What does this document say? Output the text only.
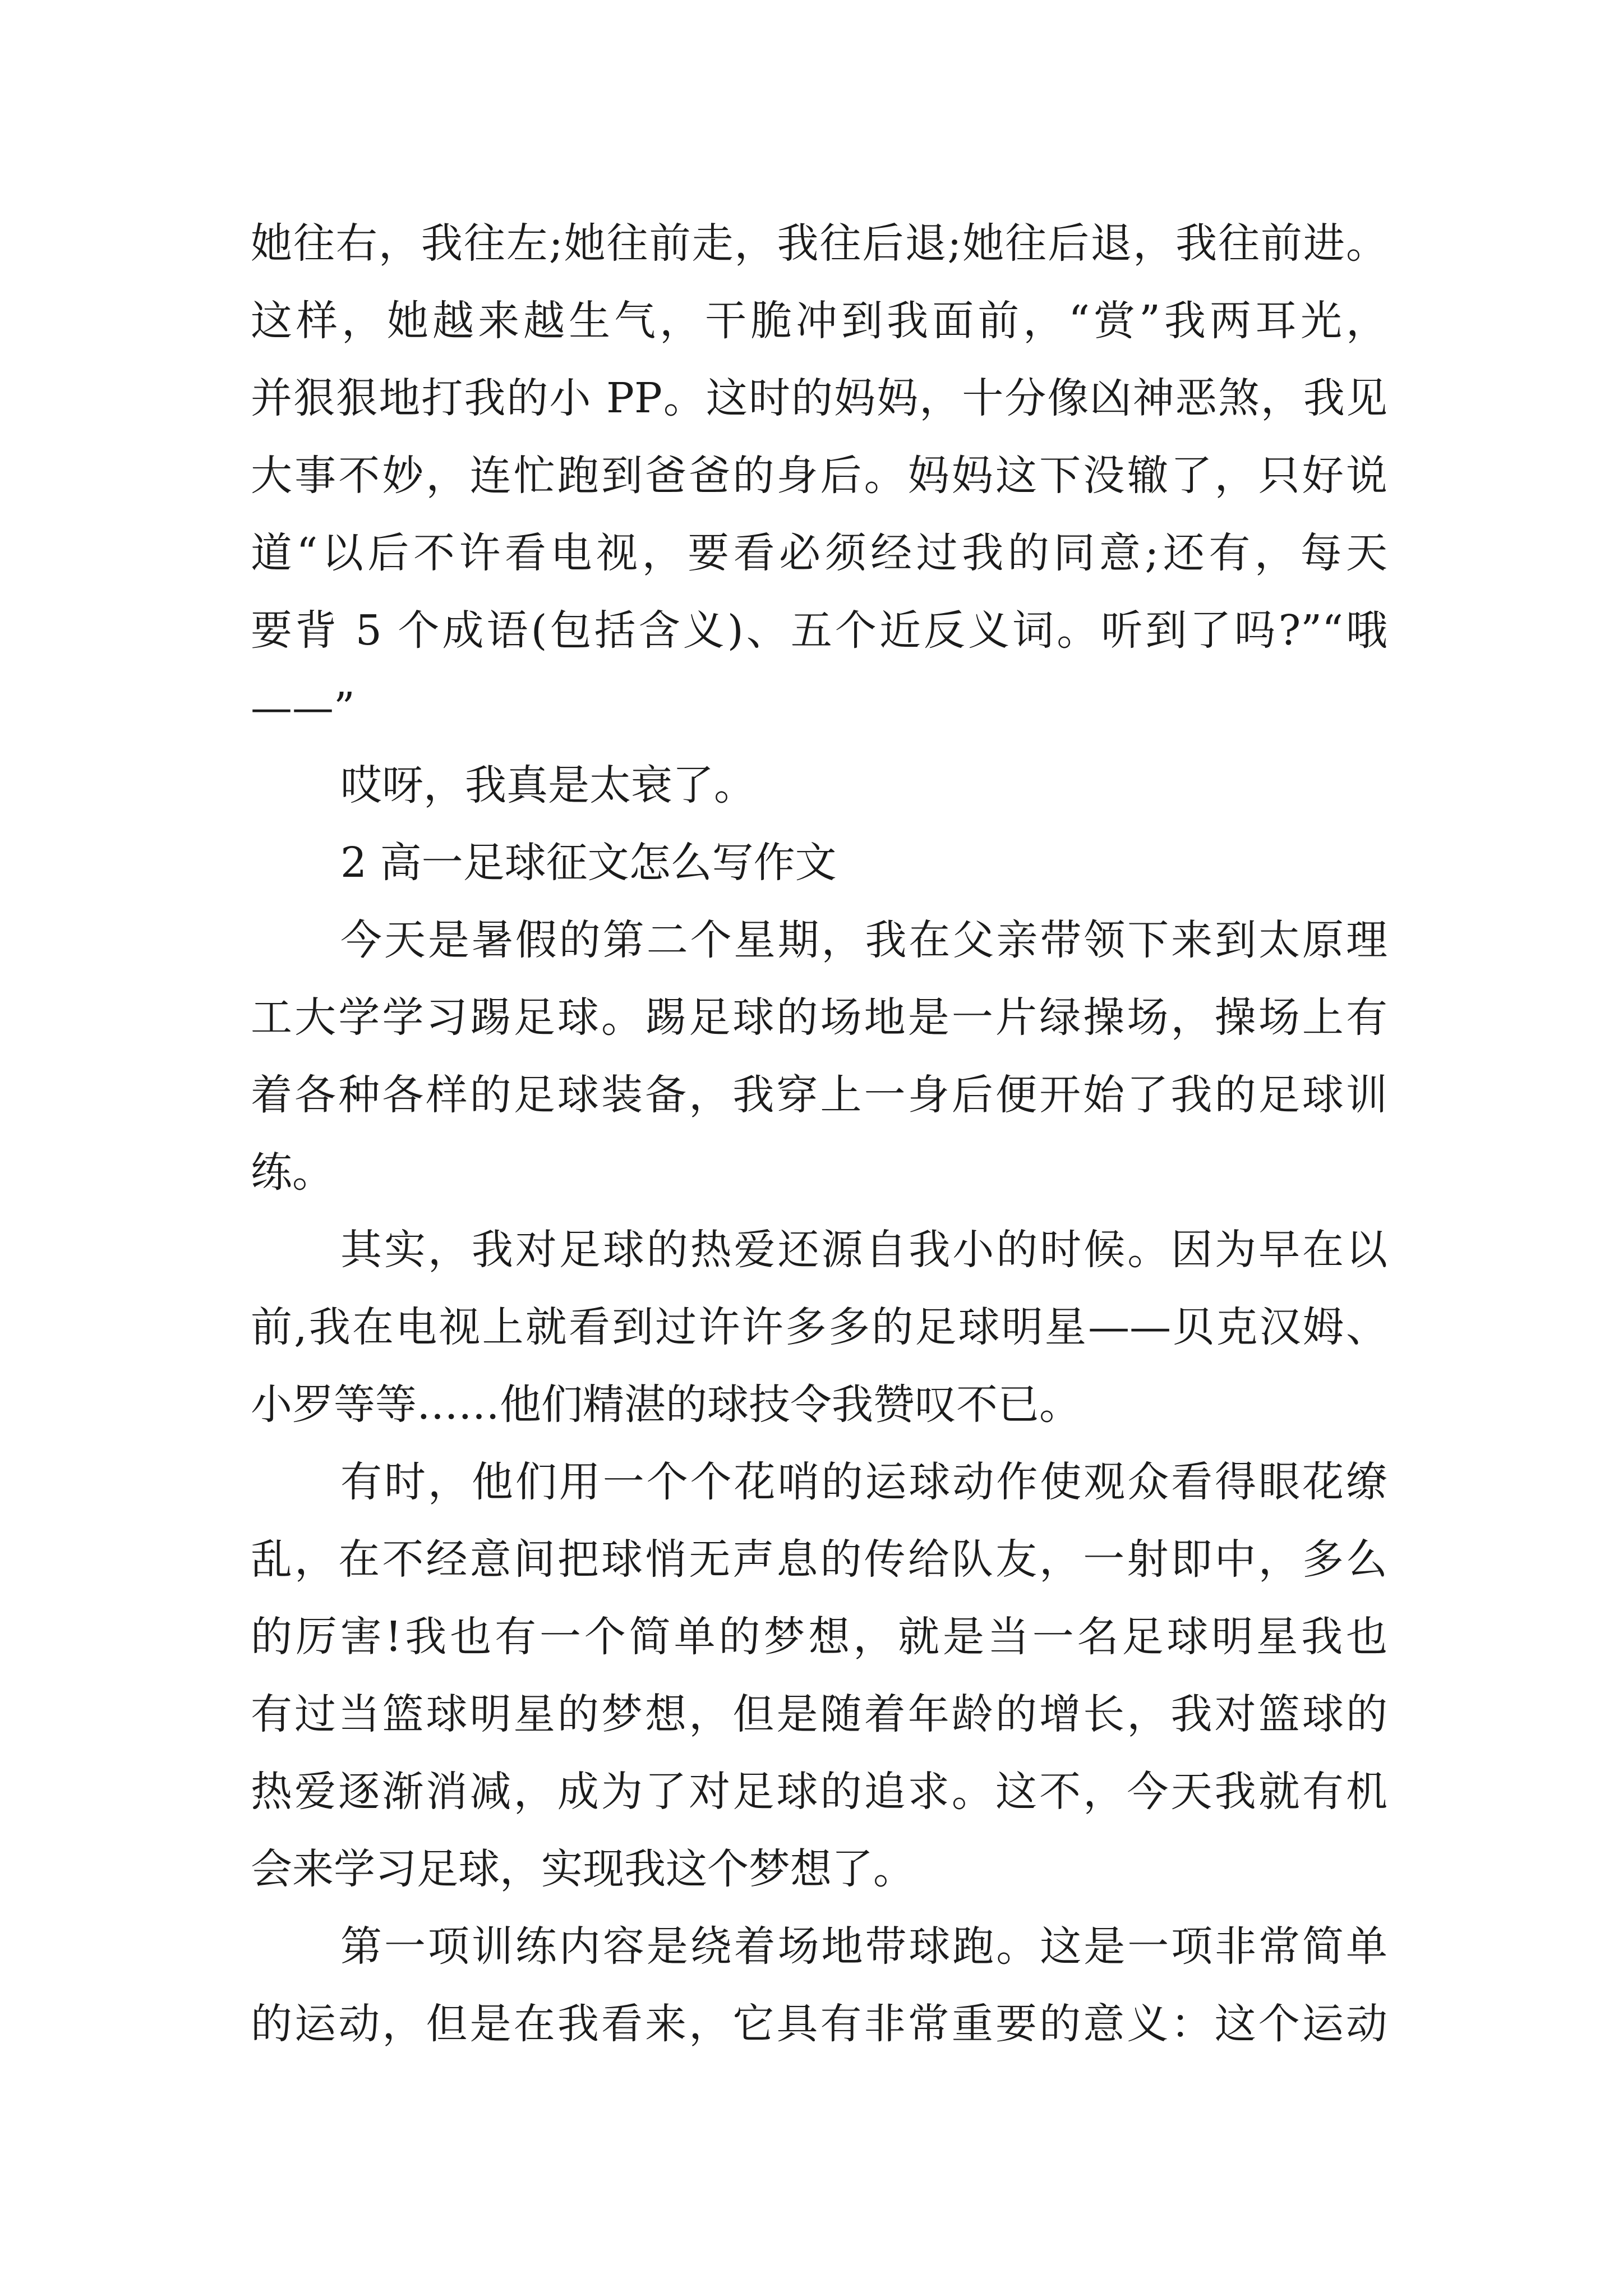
她往右，我往左;她往前走，我往后退;她往后退，我往前进。
这样，她越来越生气，干脆冲到我面前，“赏”我两耳光，
并狠狠地打我的小 PP。这时的妈妈，十分像凶神恶煞，我见
大事不妙，连忙跑到爸爸的身后。妈妈这下没辙了，只好说
道“以后不许看电视，要看必须经过我的同意;还有，每天
要背 5 个成语(包括含义)、五个近反义词。听到了吗?”“哦
——”
哎呀，我真是太衰了。
2 高一足球征文怎么写作文
今天是暑假的第二个星期，我在父亲带领下来到太原理
工大学学习踢足球。踢足球的场地是一片绿操场，操场上有
着各种各样的足球装备，我穿上一身后便开始了我的足球训
练。
其实，我对足球的热爱还源自我小的时候。因为早在以
前,我在电视上就看到过许许多多的足球明星——贝克汉姆、
小罗等等……他们精湛的球技令我赞叹不已。
有时，他们用一个个花哨的运球动作使观众看得眼花缭
乱，在不经意间把球悄无声息的传给队友，一射即中，多么
的厉害!我也有一个简单的梦想，就是当一名足球明星我也
有过当篮球明星的梦想，但是随着年龄的增长，我对篮球的
热爱逐渐消减，成为了对足球的追求。这不，今天我就有机
会来学习足球，实现我这个梦想了。
第一项训练内容是绕着场地带球跑。这是一项非常简单
的运动，但是在我看来，它具有非常重要的意义：这个运动
